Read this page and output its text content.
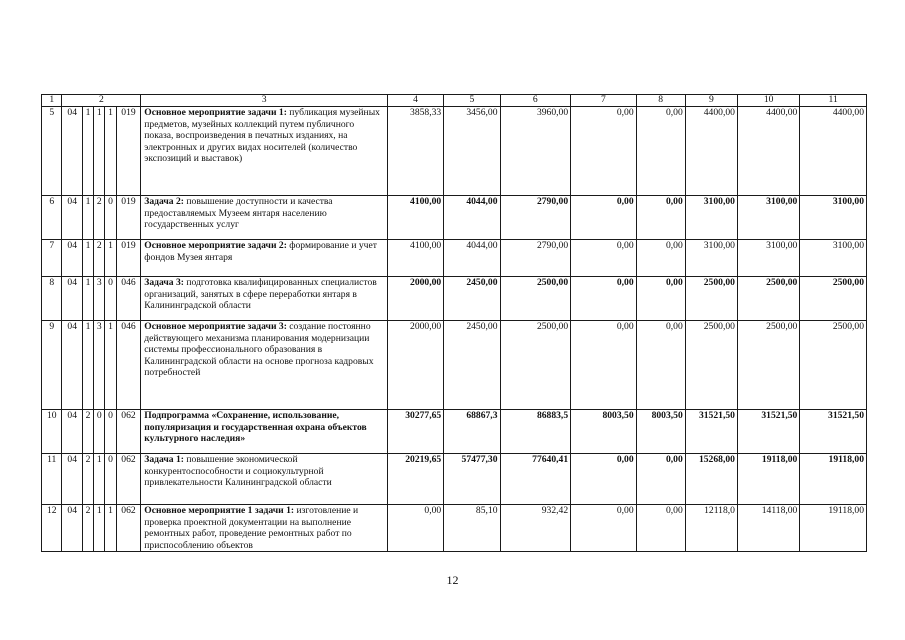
1	2					3	4	5	6	7	8	9	10	11
5	04	1	1	1	019	Основное мероприятие задачи 1: публикация музейных предметов, музейных коллекций путем публичного показа, воспроизведения в печатных изданиях, на электронных и других видах носителей (количество экспозиций и выставок)	3858,33	3456,00	3960,00	0,00	0,00	4400,00	4400,00	4400,00
6	04	1	2	0	019	Задача 2: повышение доступности и качества предоставляемых Музеем янтаря населению государственных услуг	4100,00	4044,00	2790,00	0,00	0,00	3100,00	3100,00	3100,00
7	04	1	2	1	019	Основное мероприятие задачи 2: формирование и учет фондов Музея янтаря	4100,00	4044,00	2790,00	0,00	0,00	3100,00	3100,00	3100,00
8	04	1	3	0	046	Задача 3: подготовка квалифицированных специалистов организаций, занятых в сфере переработки янтаря в Калининградской области	2000,00	2450,00	2500,00	0,00	0,00	2500,00	2500,00	2500,00
9	04	1	3	1	046	Основное мероприятие задачи 3: создание постоянно действующего механизма планирования модернизации системы профессионального образования в Калининградской области на основе прогноза кадровых потребностей	2000,00	2450,00	2500,00	0,00	0,00	2500,00	2500,00	2500,00
10	04	2	0	0	062	Подпрограмма «Сохранение, использование, популяризация и государственная охрана объектов культурного наследия»	30277,65	68867,3	86883,5	8003,50	8003,50	31521,50	31521,50	31521,50
11	04	2	1	0	062	Задача 1: повышение экономической конкурентоспособности и социокультурной привлекательности Калининградской области	20219,65	57477,30	77640,41	0,00	0,00	15268,00	19118,00	19118,00
12	04	2	1	1	062	Основное мероприятие 1 задачи 1: изготовление и проверка проектной документации на выполнение ремонтных работ, проведение ремонтных работ по приспособлению объектов	0,00	85,10	932,42	0,00	0,00	12118,0	14118,00	19118,00
12
